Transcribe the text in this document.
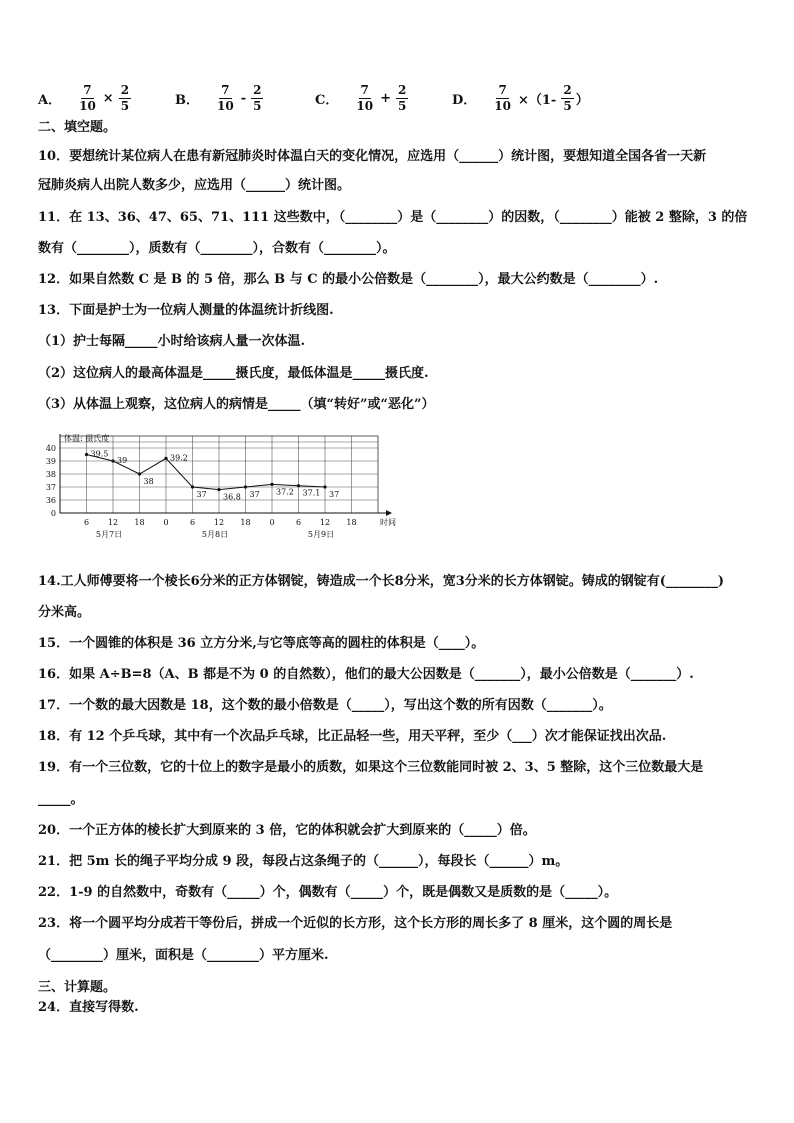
A． $\frac{7}{10} \times \frac{2}{5}$	B． $\frac{7}{10} - \frac{2}{5}$	C． $\frac{7}{10} + \frac{2}{5}$	D． $\frac{7}{10} \times(1- \frac{2}{5}$ ）
二、填空题。
10．要想统计某位病人在患有新冠肺炎时体温白天的变化情况，应选用（______）统计图，要想知道全国各省一天新
冠肺炎病人出院人数多少，应选用（______）统计图。
11．在 13、36、47、65、71、111 这些数中，（________）是（________）的因数，（________）能被 2 整除，3 的倍
数有（________），质数有（________），合数有（________）。
12．如果自然数 C 是 B 的 5 倍，那么 B 与 C 的最小公倍数是（________），最大公约数是（________）.
13．下面是护士为一位病人测量的体温统计折线图.
（1）护士每隔_____小时给该病人量一次体温.
（2）这位病人的最高体温是_____摄氏度，最低体温是_____摄氏度.
（3）从体温上观察，这位病人的病情是_____（填“转好”或“恶化”）
体温: 摄氏度
0
36
37
38
39
40
6 12 18 0	6 12 18 0	6 12 18	时间
5月7日	5月8日	5月9日
39.5
39
38
39.2
37 36.8 37 37.2 37.1 37
14.工人师傅要将一个棱长6分米的正方体钢锭，铸造成一个长8分米，宽3分米的长方体钢锭。铸成的钢锭有(________)
分米高。
15．一个圆锥的体积是 36 立方分米,与它等底等高的圆柱的体积是（____）。
16．如果 A÷B=8（A、B 都是不为 0 的自然数），他们的最大公因数是（_______），最小公倍数是（_______）.
17．一个数的最大因数是 18，这个数的最小倍数是（_____），写出这个数的所有因数（_______）。
18．有 12 个乒乓球，其中有一个次品乒乓球，比正品轻一些，用天平秤，至少（___）次才能保证找出次品.
19．有一个三位数，它的十位上的数字是最小的质数，如果这个三位数能同时被 2、3、5 整除，这个三位数最大是
_____。
20．一个正方体的棱长扩大到原来的 3 倍，它的体积就会扩大到原来的（_____）倍。
21．把 5m 长的绳子平均分成 9 段，每段占这条绳子的（______），每段长（______）m。
22．1-9 的自然数中，奇数有（_____）个，偶数有（_____）个，既是偶数又是质数的是（_____）。
23．将一个圆平均分成若干等份后，拼成一个近似的长方形，这个长方形的周长多了 8 厘米，这个圆的周长是
（________）厘米，面积是（________）平方厘米.
三、计算题。
24．直接写得数.
